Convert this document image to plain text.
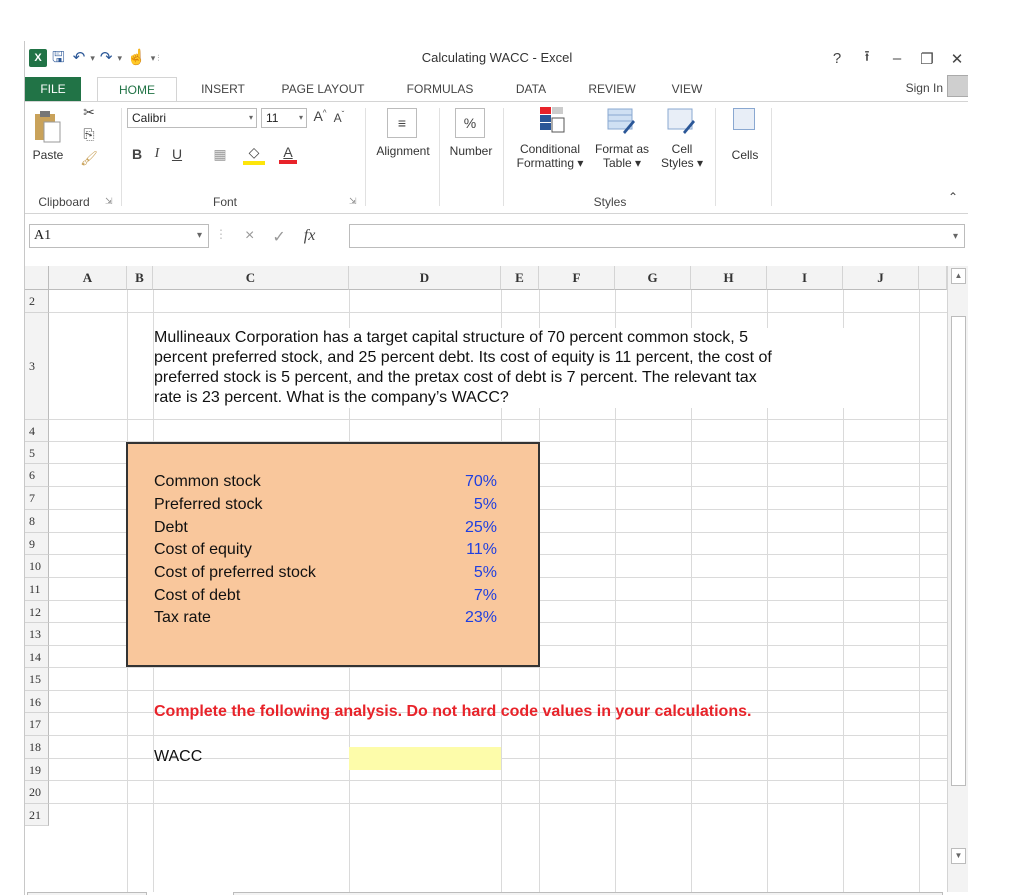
X 🖫 ↶ ▾ ↷ ▾ ☝ ▾ ⫶	Calculating WACC - Excel	?	⭱	– ❐ ✕
FILE	HOME	INSERT	PAGE LAYOUT	FORMULAS	DATA	REVIEW	VIEW	Sign In
Paste
✂
⎘
🖌
Clipboard	⇲
Calibri	▾	11	▾ A^ $A^ˇ$
B I U ▦	◇	A
Font	⇲
≡
Alignment
%
Number	Conditional
Formatting ▾
Format as
Table ▾
Cell
Styles ▾
Styles
Cells
⌃
A1	▾ ⋮ × ✓ fx	▾
A	B	C	D	E	F	G	H	I	J
2
3
4
5
6
7
8
9
10
11
12
13
14
15
16
17
18
19
20
21
Mullineaux Corporation has a target capital structure of 70 percent common stock, 5
percent preferred stock, and 25 percent debt. Its cost of equity is 11 percent, the cost of
preferred stock is 5 percent, and the pretax cost of debt is 7 percent. The relevant tax
rate is 23 percent. What is the company’s WACC?
Common stock	70%
Preferred stock	5%
Debt	25%
Cost of equity	11%
Cost of preferred stock	5%
Cost of debt	7%
Tax rate	23%
Complete the following analysis. Do not hard code values in your calculations.
WACC
▲
▼
